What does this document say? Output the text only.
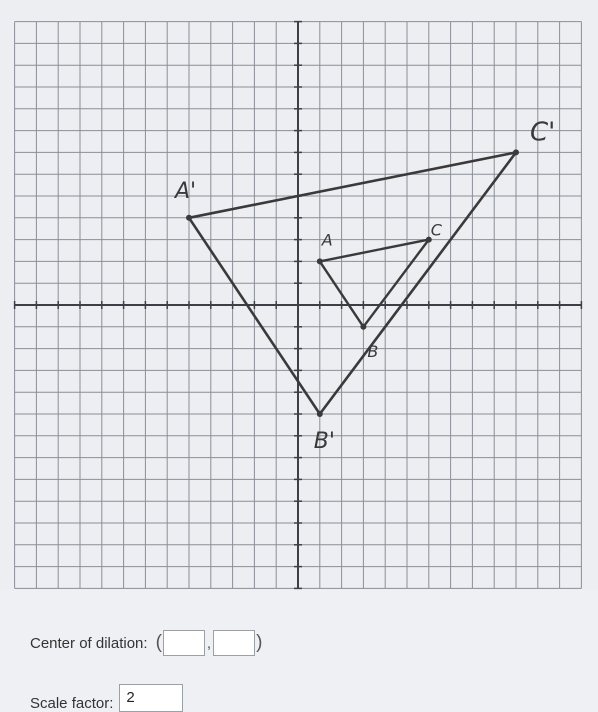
A
B
C
A'
B'
C'
Center of dilation: (	, )
Scale factor: 2
